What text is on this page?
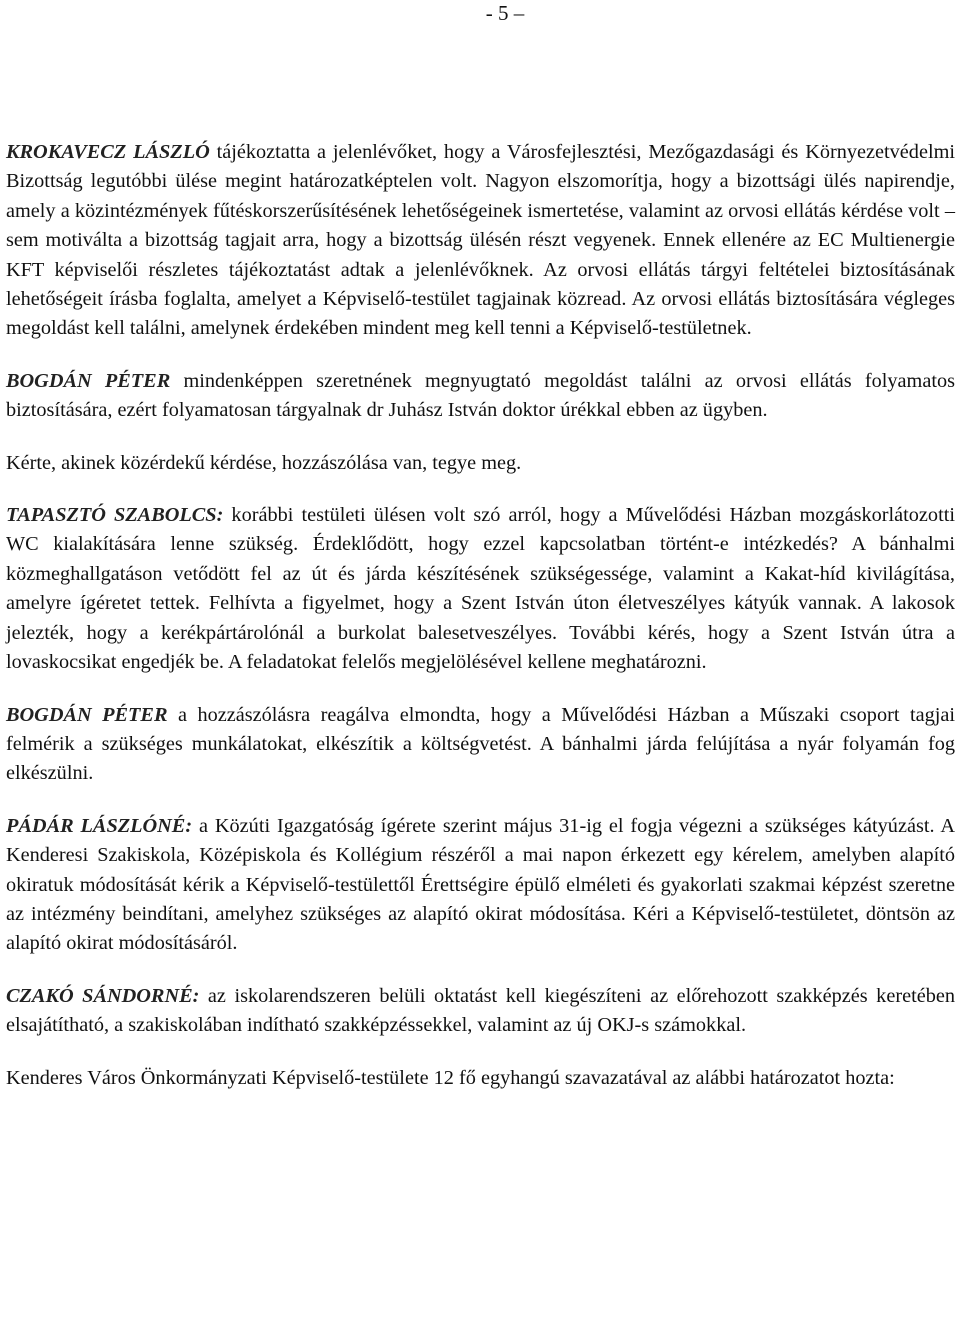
- 5 –

KROKAVECZ LÁSZLÓ tájékoztatta a jelenlévőket, hogy a Városfejlesztési, Mezőgazdasági és Környezetvédelmi Bizottság legutóbbi ülése megint határozatképtelen volt. Nagyon elszomorítja, hogy a bizottsági ülés napirendje, amely a közintézmények fűtéskorszerűsítésének lehetőségeinek ismertetése, valamint az orvosi ellátás kérdése volt – sem motiválta a bizottság tagjait arra, hogy a bizottság ülésén részt vegyenek. Ennek ellenére az EC Multienergie KFT képviselői részletes tájékoztatást adtak a jelenlévőknek. Az orvosi ellátás tárgyi feltételei biztosításának lehetőségeit írásba foglalta, amelyet a Képviselő-testület tagjainak közread. Az orvosi ellátás biztosítására végleges megoldást kell találni, amelynek érdekében mindent meg kell tenni a Képviselő-testületnek.

BOGDÁN PÉTER mindenképpen szeretnének megnyugtató megoldást találni az orvosi ellátás folyamatos biztosítására, ezért folyamatosan tárgyalnak dr Juhász István doktor úrékkal ebben az ügyben.

Kérte, akinek közérdekű kérdése, hozzászólása van, tegye meg.

TAPASZTÓ SZABOLCS: korábbi testületi ülésen volt szó arról, hogy a Művelődési Házban mozgáskorlátozotti WC kialakítására lenne szükség. Érdeklődött, hogy ezzel kapcsolatban történt-e intézkedés? A bánhalmi közmeghallgatáson vetődött fel az út és járda készítésének szükségessége, valamint a Kakat-híd kivilágítása, amelyre ígéretet tettek. Felhívta a figyelmet, hogy a Szent István úton életveszélyes kátyúk vannak. A lakosok jelezték, hogy a kerékpártárolónál a burkolat balesetveszélyes. További kérés, hogy a Szent István útra a lovaskocsikat engedjék be. A feladatokat felelős megjelölésével kellene meghatározni.

BOGDÁN PÉTER a hozzászólásra reagálva elmondta, hogy a Művelődési Házban a Műszaki csoport tagjai felmérik a szükséges munkálatokat, elkészítik a költségvetést. A bánhalmi járda felújítása a nyár folyamán fog elkészülni.

PÁDÁR LÁSZLÓNÉ: a Közúti Igazgatóság ígérete szerint május 31-ig el fogja végezni a szükséges kátyúzást. A Kenderesi Szakiskola, Középiskola és Kollégium részéről a mai napon érkezett egy kérelem, amelyben alapító okiratuk módosítását kérik a Képviselő-testülettől Érettségire épülő elméleti és gyakorlati szakmai képzést szeretne az intézmény beindítani, amelyhez szükséges az alapító okirat módosítása. Kéri a Képviselő-testületet, döntsön az alapító okirat módosításáról.

CZAKÓ SÁNDORNÉ: az iskolarendszeren belüli oktatást kell kiegészíteni az előrehozott szakképzés keretében elsajátítható, a szakiskolában indítható szakképzéssekkel, valamint az új OKJ-s számokkal.

Kenderes Város Önkormányzati Képviselő-testülete 12 fő egyhangú szavazatával az alábbi határozatot hozta:
